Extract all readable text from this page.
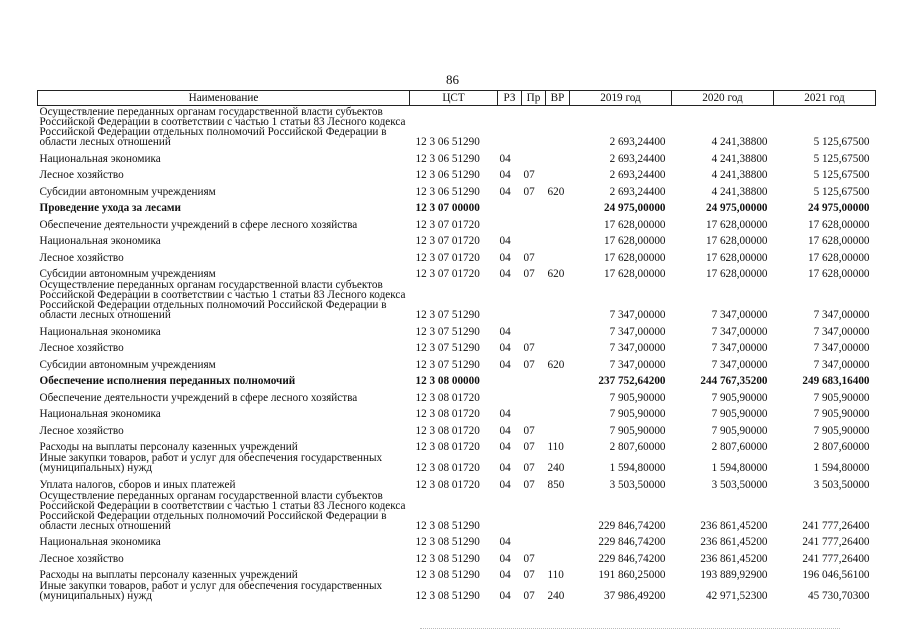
86
Наименование	ЦСТ	РЗ	Пр	ВР	2019 год	2020 год	2021 год
Осуществление переданных органам государственной власти субъектов Российской Федерации в соответствии с частью 1 статьи 83 Лесного кодекса Российской Федерации отдельных полномочий Российской Федерации в области лесных отношений	12 3 06 51290				2 693,24400	4 241,38800	5 125,67500
Национальная экономика	12 3 06 51290	04			2 693,24400	4 241,38800	5 125,67500
Лесное хозяйство	12 3 06 51290	04	07		2 693,24400	4 241,38800	5 125,67500
Субсидии автономным учреждениям	12 3 06 51290	04	07	620	2 693,24400	4 241,38800	5 125,67500
Проведение ухода за лесами	12 3 07 00000				24 975,00000	24 975,00000	24 975,00000
Обеспечение деятельности учреждений в сфере лесного хозяйства	12 3 07 01720				17 628,00000	17 628,00000	17 628,00000
Национальная экономика	12 3 07 01720	04			17 628,00000	17 628,00000	17 628,00000
Лесное хозяйство	12 3 07 01720	04	07		17 628,00000	17 628,00000	17 628,00000
Субсидии автономным учреждениям	12 3 07 01720	04	07	620	17 628,00000	17 628,00000	17 628,00000
Осуществление переданных органам государственной власти субъектов Российской Федерации в соответствии с частью 1 статьи 83 Лесного кодекса Российской Федерации отдельных полномочий Российской Федерации в области лесных отношений	12 3 07 51290				7 347,00000	7 347,00000	7 347,00000
Национальная экономика	12 3 07 51290	04			7 347,00000	7 347,00000	7 347,00000
Лесное хозяйство	12 3 07 51290	04	07		7 347,00000	7 347,00000	7 347,00000
Субсидии автономным учреждениям	12 3 07 51290	04	07	620	7 347,00000	7 347,00000	7 347,00000
Обеспечение исполнения переданных полномочий	12 3 08 00000				237 752,64200	244 767,35200	249 683,16400
Обеспечение деятельности учреждений в сфере лесного хозяйства	12 3 08 01720				7 905,90000	7 905,90000	7 905,90000
Национальная экономика	12 3 08 01720	04			7 905,90000	7 905,90000	7 905,90000
Лесное хозяйство	12 3 08 01720	04	07		7 905,90000	7 905,90000	7 905,90000
Расходы на выплаты персоналу казенных учреждений	12 3 08 01720	04	07	110	2 807,60000	2 807,60000	2 807,60000
Иные закупки товаров, работ и услуг для обеспечения государственных (муниципальных) нужд	12 3 08 01720	04	07	240	1 594,80000	1 594,80000	1 594,80000
Уплата налогов, сборов и иных платежей	12 3 08 01720	04	07	850	3 503,50000	3 503,50000	3 503,50000
Осуществление переданных органам государственной власти субъектов Российской Федерации в соответствии с частью 1 статьи 83 Лесного кодекса Российской Федерации отдельных полномочий Российской Федерации в области лесных отношений	12 3 08 51290				229 846,74200	236 861,45200	241 777,26400
Национальная экономика	12 3 08 51290	04			229 846,74200	236 861,45200	241 777,26400
Лесное хозяйство	12 3 08 51290	04	07		229 846,74200	236 861,45200	241 777,26400
Расходы на выплаты персоналу казенных учреждений	12 3 08 51290	04	07	110	191 860,25000	193 889,92900	196 046,56100
Иные закупки товаров, работ и услуг для обеспечения государственных (муниципальных) нужд	12 3 08 51290	04	07	240	37 986,49200	42 971,52300	45 730,70300
